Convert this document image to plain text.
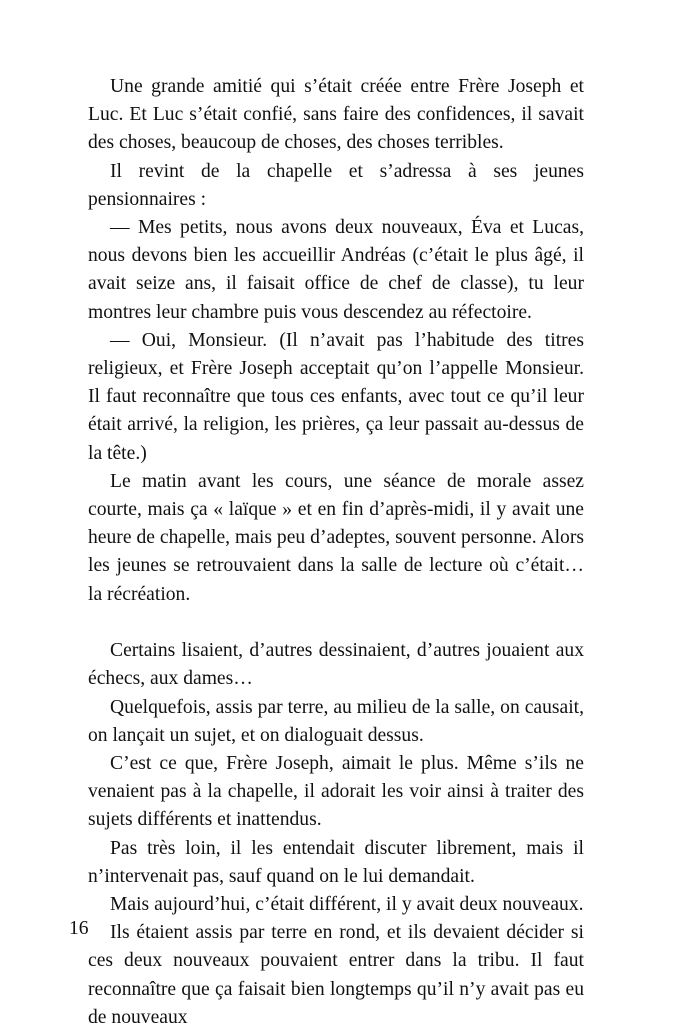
Une grande amitié qui s’était créée entre Frère Joseph et Luc. Et Luc s’était confié, sans faire des confidences, il savait des choses, beaucoup de choses, des choses terribles.

Il revint de la chapelle et s’adressa à ses jeunes pensionnaires :

— Mes petits, nous avons deux nouveaux, Éva et Lucas, nous devons bien les accueillir Andréas (c’était le plus âgé, il avait seize ans, il faisait office de chef de classe), tu leur montres leur chambre puis vous descendez au réfectoire.

— Oui, Monsieur. (Il n’avait pas l’habitude des titres religieux, et Frère Joseph acceptait qu’on l’appelle Monsieur. Il faut reconnaître que tous ces enfants, avec tout ce qu’il leur était arrivé, la religion, les prières, ça leur passait au-dessus de la tête.)

Le matin avant les cours, une séance de morale assez courte, mais ça « laïque » et en fin d’après-midi, il y avait une heure de chapelle, mais peu d’adeptes, souvent personne. Alors les jeunes se retrouvaient dans la salle de lecture où c’était… la récréation.

Certains lisaient, d’autres dessinaient, d’autres jouaient aux échecs, aux dames…

Quelquefois, assis par terre, au milieu de la salle, on causait, on lançait un sujet, et on dialoguait dessus.

C’est ce que, Frère Joseph, aimait le plus. Même s’ils ne venaient pas à la chapelle, il adorait les voir ainsi à traiter des sujets différents et inattendus.

Pas très loin, il les entendait discuter librement, mais il n’intervenait pas, sauf quand on le lui demandait.

Mais aujourd’hui, c’était différent, il y avait deux nouveaux.

Ils étaient assis par terre en rond, et ils devaient décider si ces deux nouveaux pouvaient entrer dans la tribu. Il faut reconnaître que ça faisait bien longtemps qu’il n’y avait pas eu de nouveaux

16
